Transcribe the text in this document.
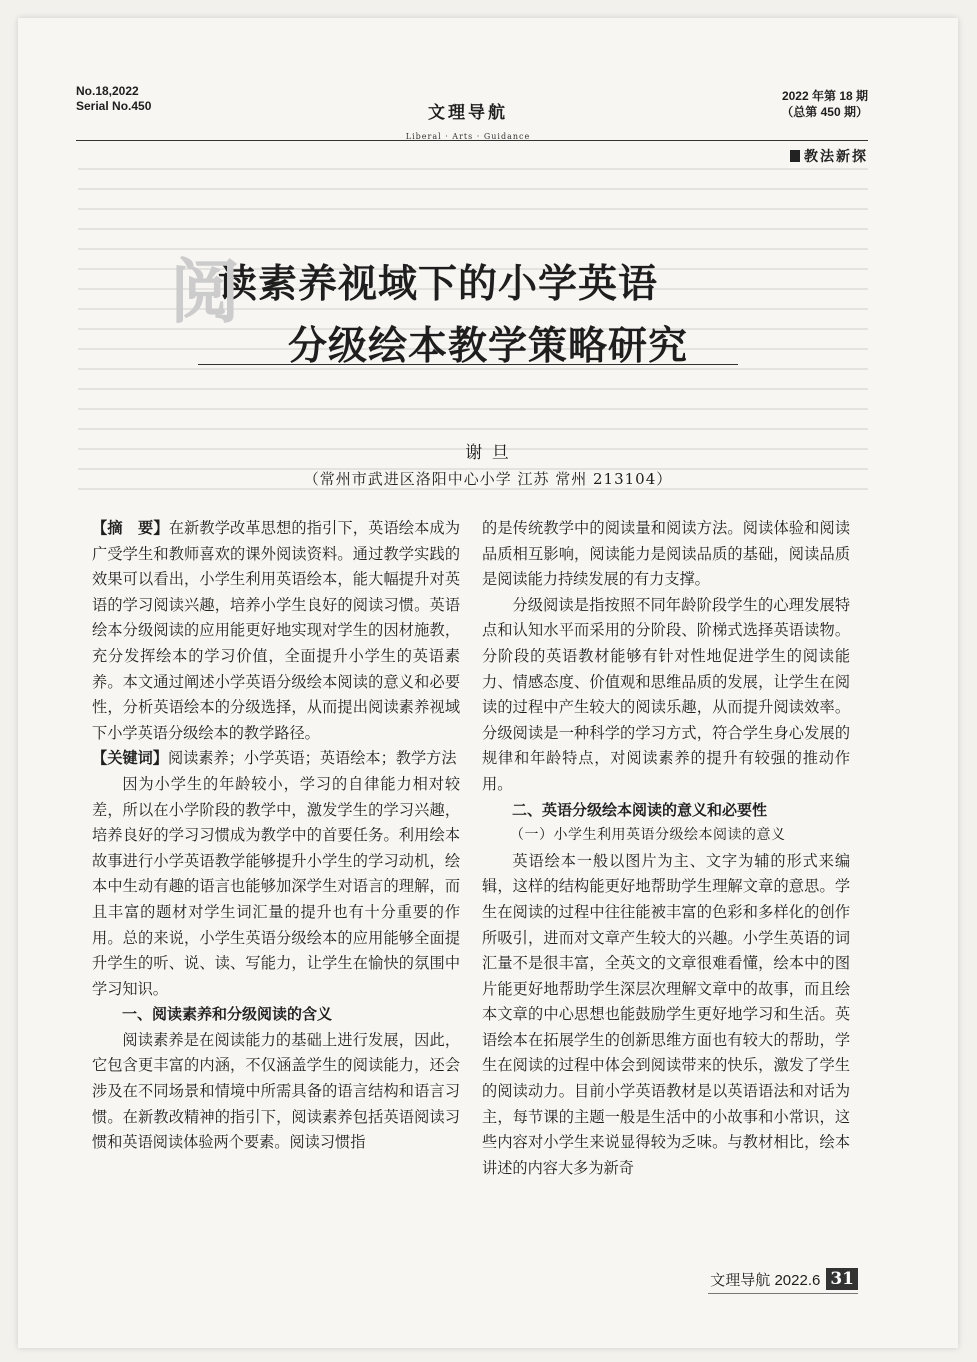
No.18,2022
Serial No.450	文理导航
Liberal · Arts · Guidance
2022 年第 18 期
（总第 450 期）
教法新探
阅
读素养视域下的小学英语
分级绘本教学策略研究
谢 旦
（常州市武进区洛阳中心小学 江苏 常州 213104）

【摘　要】在新教学改革思想的指引下，英语绘本成为广受学生和教师喜欢的课外阅读资料。通过教学实践的效果可以看出，小学生利用英语绘本，能大幅提升对英语的学习阅读兴趣，培养小学生良好的阅读习惯。英语绘本分级阅读的应用能更好地实现对学生的因材施教，充分发挥绘本的学习价值，全面提升小学生的英语素养。本文通过阐述小学英语分级绘本阅读的意义和必要性，分析英语绘本的分级选择，从而提出阅读素养视域下小学英语分级绘本的教学路径。

【关键词】阅读素养；小学英语；英语绘本；教学方法

因为小学生的年龄较小，学习的自律能力相对较差，所以在小学阶段的教学中，激发学生的学习兴趣，培养良好的学习习惯成为教学中的首要任务。利用绘本故事进行小学英语教学能够提升小学生的学习动机，绘本中生动有趣的语言也能够加深学生对语言的理解，而且丰富的题材对学生词汇量的提升也有十分重要的作用。总的来说，小学生英语分级绘本的应用能够全面提升学生的听、说、读、写能力，让学生在愉快的氛围中学习知识。

一、阅读素养和分级阅读的含义

阅读素养是在阅读能力的基础上进行发展，因此，它包含更丰富的内涵，不仅涵盖学生的阅读能力，还会涉及在不同场景和情境中所需具备的语言结构和语言习惯。在新教改精神的指引下，阅读素养包括英语阅读习惯和英语阅读体验两个要素。阅读习惯指

的是传统教学中的阅读量和阅读方法。阅读体验和阅读品质相互影响，阅读能力是阅读品质的基础，阅读品质是阅读能力持续发展的有力支撑。

分级阅读是指按照不同年龄阶段学生的心理发展特点和认知水平而采用的分阶段、阶梯式选择英语读物。分阶段的英语教材能够有针对性地促进学生的阅读能力、情感态度、价值观和思维品质的发展，让学生在阅读的过程中产生较大的阅读乐趣，从而提升阅读效率。分级阅读是一种科学的学习方式，符合学生身心发展的规律和年龄特点，对阅读素养的提升有较强的推动作用。

二、英语分级绘本阅读的意义和必要性
（一）小学生利用英语分级绘本阅读的意义

英语绘本一般以图片为主、文字为辅的形式来编辑，这样的结构能更好地帮助学生理解文章的意思。学生在阅读的过程中往往能被丰富的色彩和多样化的创作所吸引，进而对文章产生较大的兴趣。小学生英语的词汇量不是很丰富，全英文的文章很难看懂，绘本中的图片能更好地帮助学生深层次理解文章中的故事，而且绘本文章的中心思想也能鼓励学生更好地学习和生活。英语绘本在拓展学生的创新思维方面也有较大的帮助，学生在阅读的过程中体会到阅读带来的快乐，激发了学生的阅读动力。目前小学英语教材是以英语语法和对话为主，每节课的主题一般是生活中的小故事和小常识，这些内容对小学生来说显得较为乏味。与教材相比，绘本讲述的内容大多为新奇

文理导航 2022.6 31
